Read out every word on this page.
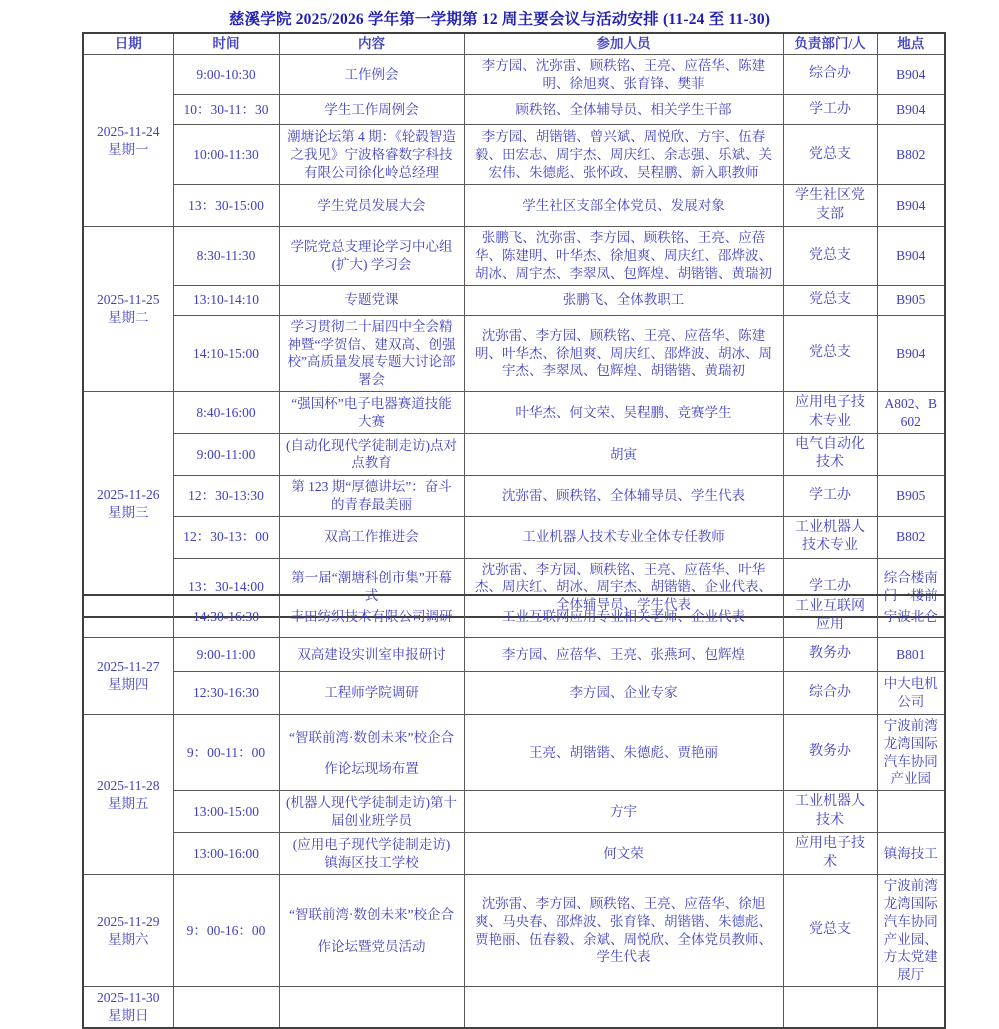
慈溪学院 2025/2026 学年第一学期第 12 周主要会议与活动安排 (11-24 至 11-30)
日期	时间	内容	参加人员	负责部门/人	地点

2025-11-24
星期一	9:00-10:30	工作例会	李方园、沈弥雷、顾秩铭、王亮、应蓓华、陈建明、徐旭爽、张育锋、樊菲	综合办	B904
	10：30-11：30	学生工作周例会	顾秩铭、全体辅导员、相关学生干部	学工办	B904
	10:00-11:30	潮塘论坛第 4 期：《轮毂智造之我见》宁波格睿数字科技有限公司徐化岭总经理	李方园、胡锴锴、曾兴斌、周悦欣、方宇、伍春毅、田宏志、周宇杰、周庆红、余志强、乐斌、关宏伟、朱德彪、张怀政、吴程鹏、新入职教师	党总支	B802
	13：30-15:00	学生党员发展大会	学生社区支部全体党员、发展对象	学生社区党支部	B904

2025-11-25
星期二	8:30-11:30	学院党总支理论学习中心组(扩大) 学习会	张鹏飞、沈弥雷、李方园、顾秩铭、王亮、应蓓华、陈建明、叶华杰、徐旭爽、周庆红、邵烨波、胡冰、周宇杰、李翠凤、包辉煌、胡锴锴、黄瑞初	党总支	B904
	13:10-14:10	专题党课	张鹏飞、全体教职工	党总支	B905
	14:10-15:00	学习贯彻二十届四中全会精神暨“学贺信、建双高、创强校”高质量发展专题大讨论部署会	沈弥雷、李方园、顾秩铭、王亮、应蓓华、陈建明、叶华杰、徐旭爽、周庆红、邵烨波、胡冰、周宇杰、李翠凤、包辉煌、胡锴锴、黄瑞初	党总支	B904

2025-11-26
星期三	8:40-16:00	“强国杯”电子电器赛道技能大赛	叶华杰、何文荣、吴程鹏、竞赛学生	应用电子技术专业	A802、B602
	9:00-11:00	(自动化现代学徒制走访)点对点教育	胡寅	电气自动化技术	
	12：30-13:30	第 123 期“厚德讲坛”：奋斗的青春最美丽	沈弥雷、顾秩铭、全体辅导员、学生代表	学工办	B905
	12：30-13：00	双高工作推进会	工业机器人技术专业全体专任教师	工业机器人技术专业	B802
	13：30-14:00	第一届“潮塘科创市集”开幕式	沈弥雷、李方园、顾秩铭、王亮、应蓓华、叶华杰、周庆红、胡冰、周宇杰、胡锴锴、企业代表、全体辅导员、学生代表	学工办	综合楼南门一楼前
	14:30-16:30	丰田纺织技术有限公司调研	工业互联网应用专业相关老师、企业代表	工业互联网应用	宁波北仑

2025-11-27
星期四	9:00-11:00	双高建设实训室申报研讨	李方园、应蓓华、王亮、张燕珂、包辉煌	教务办	B801
	12:30-16:30	工程师学院调研	李方园、企业专家	综合办	中大电机公司

2025-11-28
星期五	9：00-11：00	“智联前湾·数创未来”校企合作论坛现场布置	王亮、胡锴锴、朱德彪、贾艳丽	教务办	宁波前湾龙湾国际汽车协同产业园
	13:00-15:00	(机器人现代学徒制走访)第十届创业班学员	方宇	工业机器人技术	
	13:00-16:00	(应用电子现代学徒制走访) 镇海区技工学校	何文荣	应用电子技术	镇海技工

2025-11-29
星期六	9：00-16：00	“智联前湾·数创未来”校企合作论坛暨党员活动	沈弥雷、李方园、顾秩铭、王亮、应蓓华、徐旭爽、马央春、邵烨波、张育锋、胡锴锴、朱德彪、贾艳丽、伍春毅、余斌、周悦欣、全体党员教师、学生代表	党总支	宁波前湾龙湾国际汽车协同产业园、方太党建展厅

2025-11-30
星期日					
